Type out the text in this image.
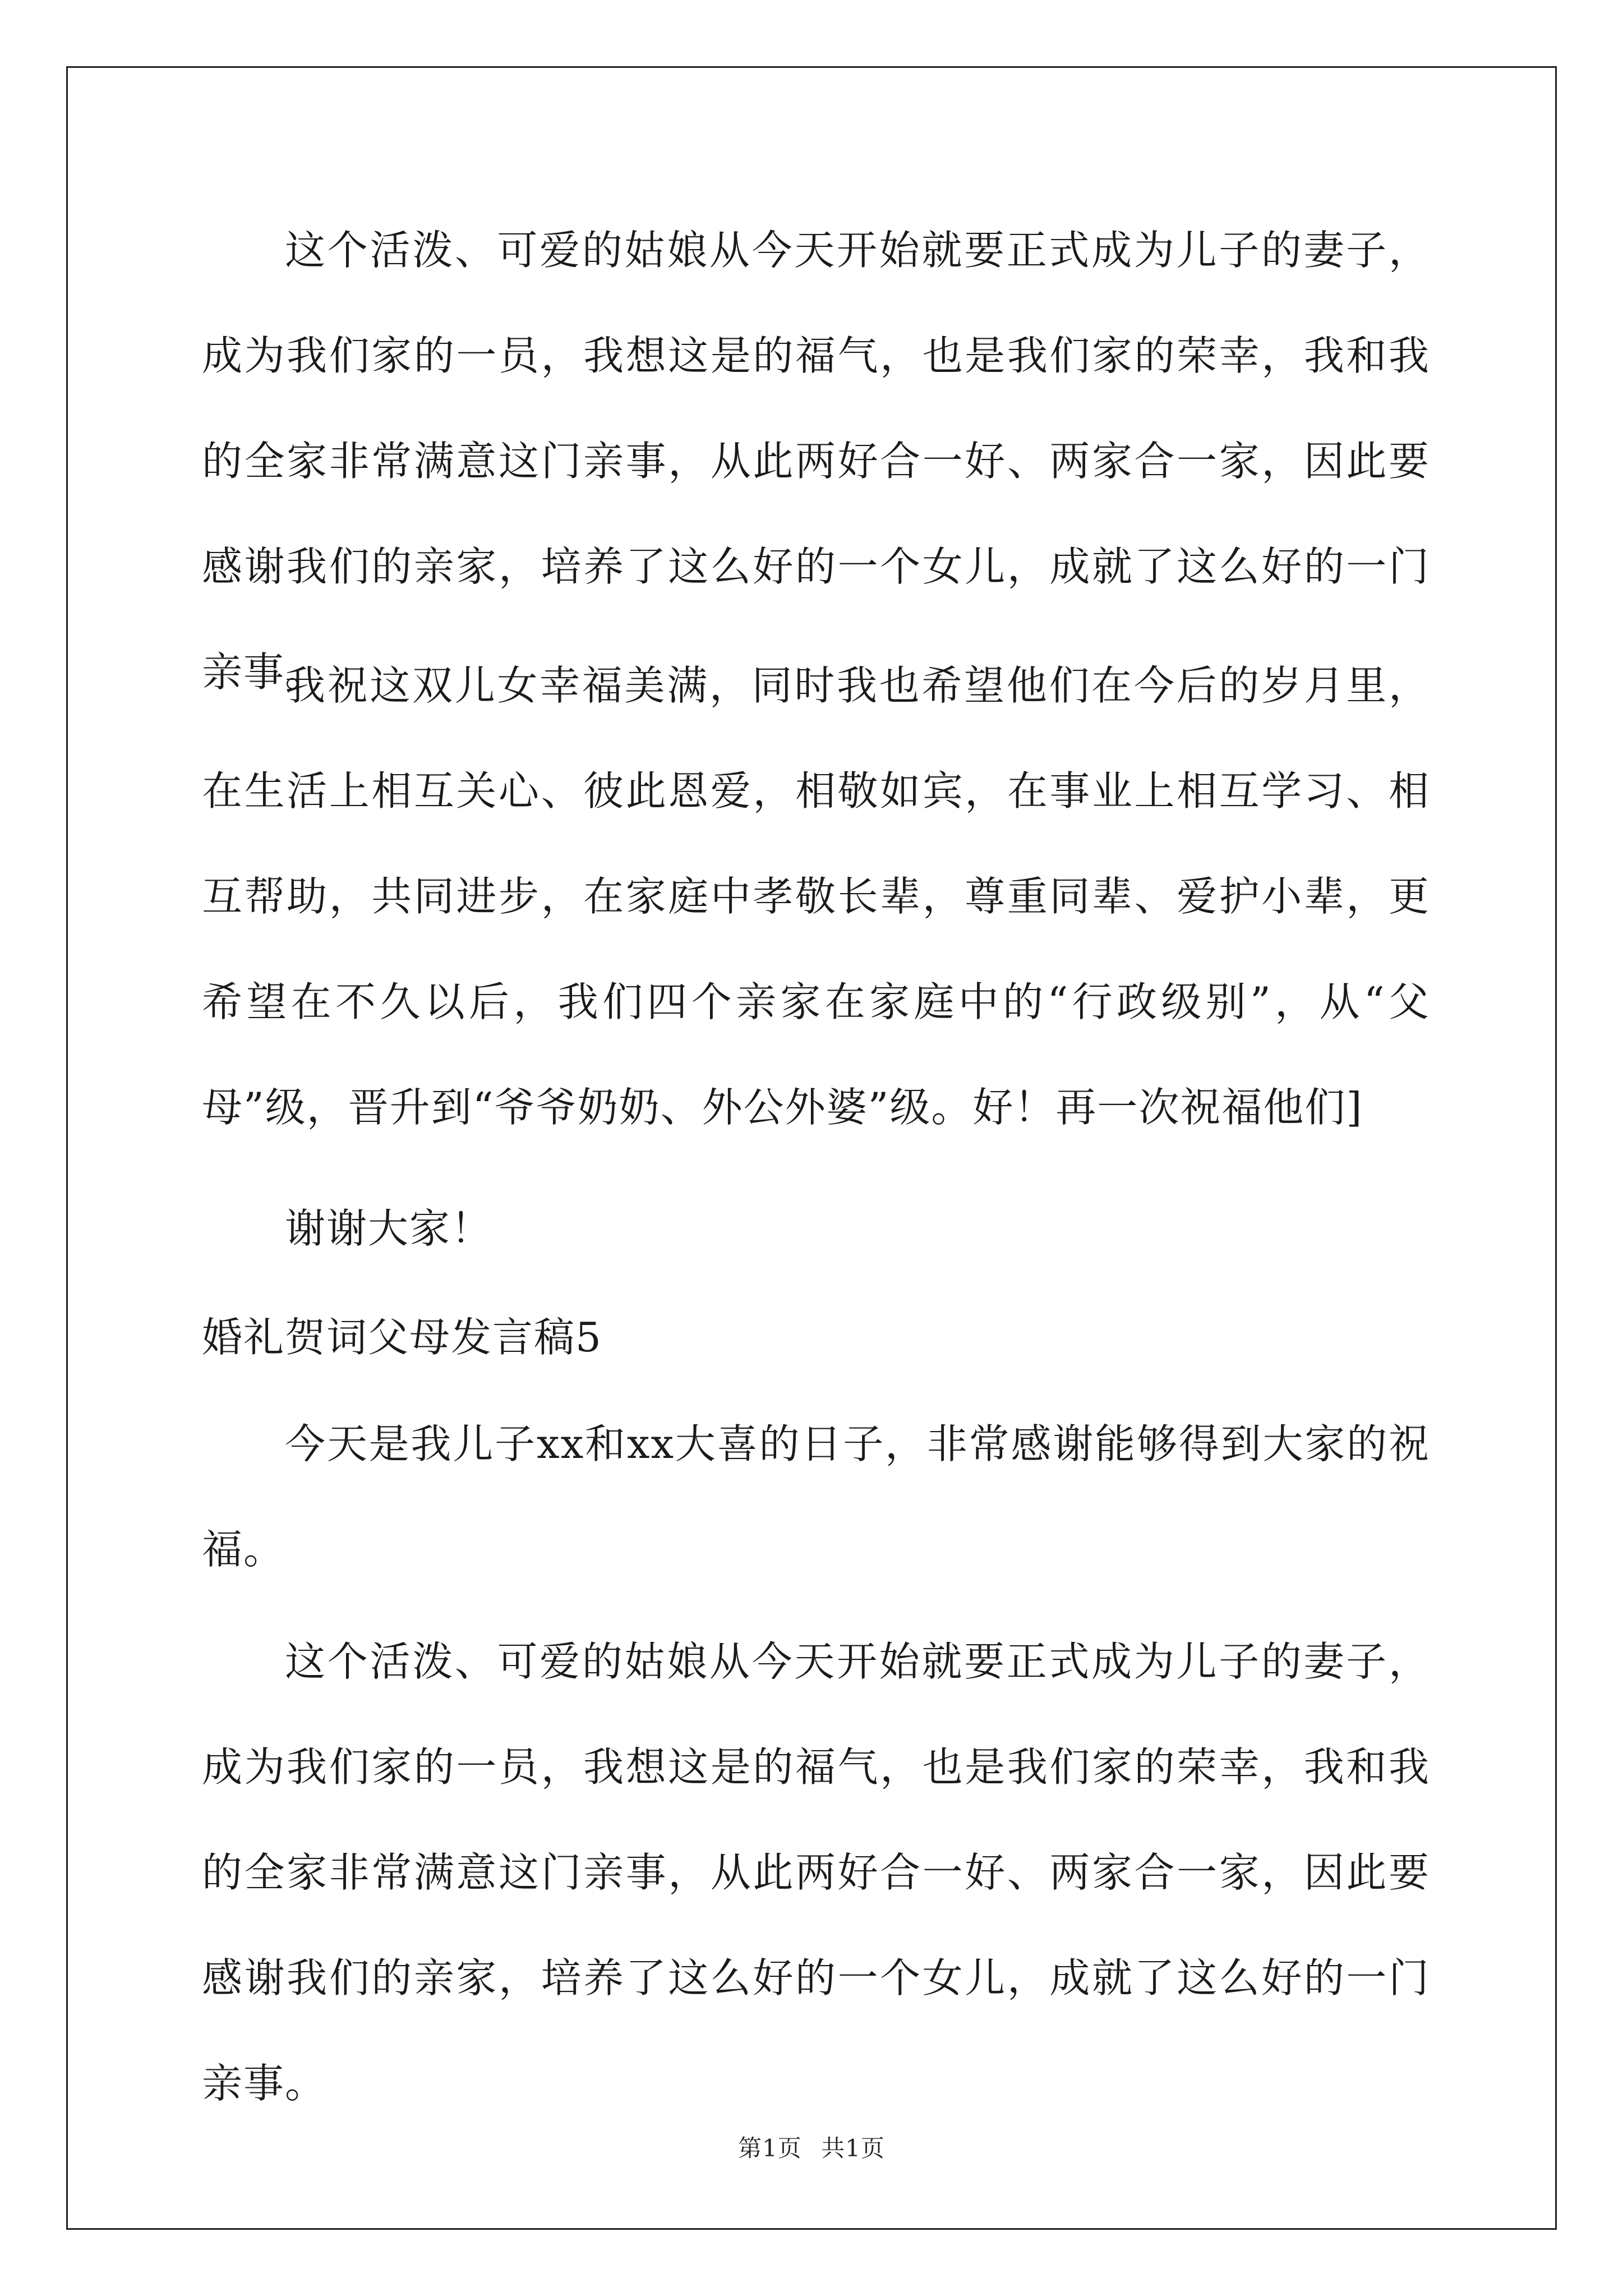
这个活泼、可爱的姑娘从今天开始就要正式成为儿子的妻子，成为我们家的一员，我想这是的福气，也是我们家的荣幸，我和我的全家非常满意这门亲事，从此两好合一好、两家合一家，因此要感谢我们的亲家，培养了这么好的一个女儿，成就了这么好的一门亲事。

我祝这双儿女幸福美满，同时我也希望他们在今后的岁月里，在生活上相互关心、彼此恩爱，相敬如宾，在事业上相互学习、相互帮助，共同进步，在家庭中孝敬长辈，尊重同辈、爱护小辈，更希望在不久以后，我们四个亲家在家庭中的“行政级别”，从“父母”级，晋升到“爷爷奶奶、外公外婆”级。好！再一次祝福他们]

谢谢大家！

婚礼贺词父母发言稿5

今天是我儿子xx和xx大喜的日子，非常感谢能够得到大家的祝福。

这个活泼、可爱的姑娘从今天开始就要正式成为儿子的妻子，成为我们家的一员，我想这是的福气，也是我们家的荣幸，我和我的全家非常满意这门亲事，从此两好合一好、两家合一家，因此要感谢我们的亲家，培养了这么好的一个女儿，成就了这么好的一门亲事。

第1页 共1页
